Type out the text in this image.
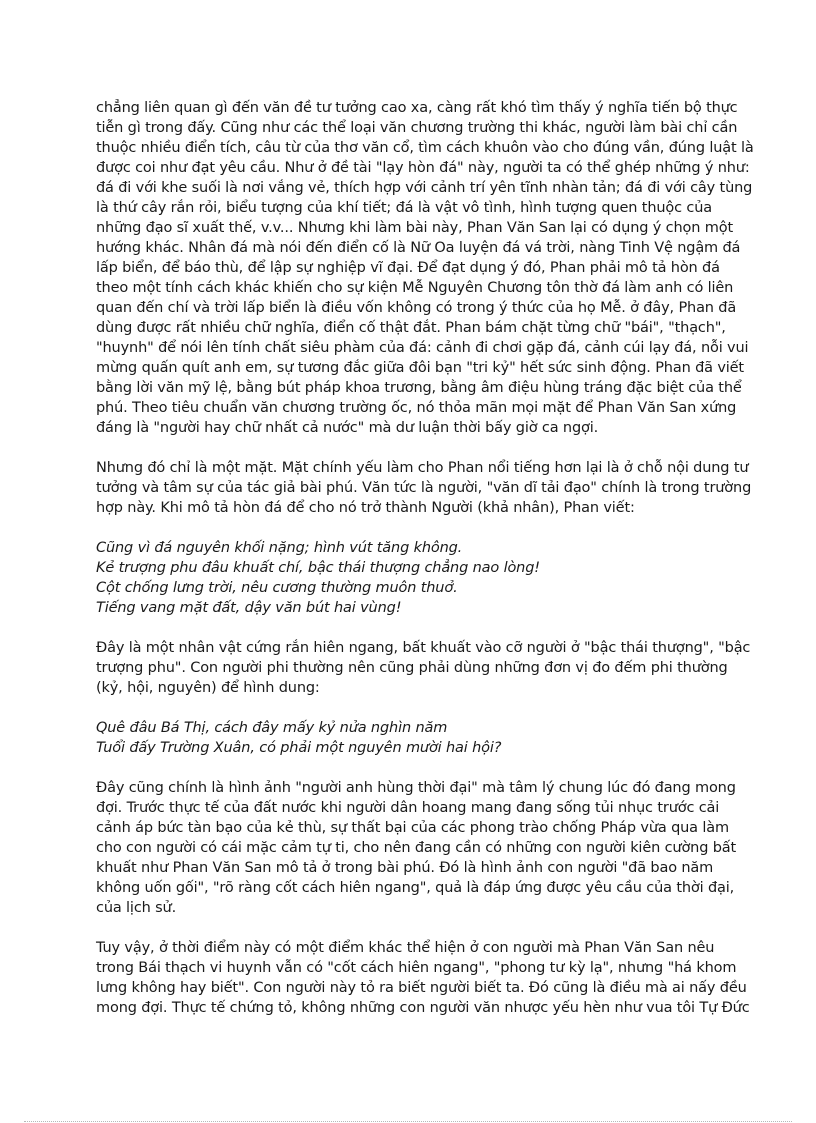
chẳng liên quan gì đến văn đề tư tưởng cao xa, càng rất khó tìm thấy ý nghĩa tiến bộ thực
tiễn gì trong đấy. Cũng như các thể loại văn chương trường thi khác, người làm bài chỉ cần
thuộc nhiều điển tích, câu từ của thơ văn cổ, tìm cách khuôn vào cho đúng vần, đúng luật là
được coi như đạt yêu cầu. Như ở đề tài "lạy hòn đá" này, người ta có thể ghép những ý như:
đá đi với khe suối là nơi vắng vẻ, thích hợp với cảnh trí yên tĩnh nhàn tản; đá đi với cây tùng
là thứ cây rắn rỏi, biểu tượng của khí tiết; đá là vật vô tình, hình tượng quen thuộc của
những đạo sĩ xuất thế, v.v... Nhưng khi làm bài này, Phan Văn San lại có dụng ý chọn một
hướng khác. Nhân đá mà nói đến điển cố là Nữ Oa luyện đá vá trời, nàng Tinh Vệ ngậm đá
lấp biển, để báo thù, để lập sự nghiệp vĩ đại. Để đạt dụng ý đó, Phan phải mô tả hòn đá
theo một tính cách khác khiến cho sự kiện Mễ Nguyên Chương tôn thờ đá làm anh có liên
quan đến chí và trời lấp biển là điều vốn không có trong ý thức của họ Mễ. ở đây, Phan đã
dùng được rất nhiều chữ nghĩa, điển cố thật đắt. Phan bám chặt từng chữ "bái", "thạch",
"huynh" để nói lên tính chất siêu phàm của đá: cảnh đi chơi gặp đá, cảnh cúi lạy đá, nỗi vui
mừng quấn quít anh em, sự tương đắc giữa đôi bạn "tri kỷ" hết sức sinh động. Phan đã viết
bằng lời văn mỹ lệ, bằng bút pháp khoa trương, bằng âm điệu hùng tráng đặc biệt của thể
phú. Theo tiêu chuẩn văn chương trường ốc, nó thỏa mãn mọi mặt để Phan Văn San xứng
đáng là "người hay chữ nhất cả nước" mà dư luận thời bấy giờ ca ngợi.
Nhưng đó chỉ là một mặt. Mặt chính yếu làm cho Phan nổi tiếng hơn lại là ở chỗ nội dung tư
tưởng và tâm sự của tác giả bài phú. Văn tức là người, "văn dĩ tải đạo" chính là trong trường
hợp này. Khi mô tả hòn đá để cho nó trở thành Người (khả nhân), Phan viết:
Cũng vì đá nguyên khối nặng; hình vút tăng không.
Kẻ trượng phu đâu khuất chí, bậc thái thượng chẳng nao lòng!
Cột chống lưng trời, nêu cương thường muôn thuở.
Tiếng vang mặt đất, dậy văn bút hai vùng!
Đây là một nhân vật cứng rắn hiên ngang, bất khuất vào cỡ người ở "bậc thái thượng", "bậc
trượng phu". Con người phi thường nên cũng phải dùng những đơn vị đo đếm phi thường
(kỷ, hội, nguyên) để hình dung:
Quê đâu Bá Thị, cách đây mấy kỷ nửa nghìn năm
Tuổi đấy Trường Xuân, có phải một nguyên mười hai hội?
Đây cũng chính là hình ảnh "người anh hùng thời đại" mà tâm lý chung lúc đó đang mong
đợi. Trước thực tế của đất nước khi người dân hoang mang đang sống tủi nhục trước cải
cảnh áp bức tàn bạo của kẻ thù, sự thất bại của các phong trào chống Pháp vừa qua làm
cho con người có cái mặc cảm tự ti, cho nên đang cần có những con người kiên cường bất
khuất như Phan Văn San mô tả ở trong bài phú. Đó là hình ảnh con người "đã bao năm
không uốn gối", "rõ ràng cốt cách hiên ngang", quả là đáp ứng được yêu cầu của thời đại,
của lịch sử.
Tuy vậy, ở thời điểm này có một điểm khác thể hiện ở con người mà Phan Văn San nêu
trong Bái thạch vi huynh vẫn có "cốt cách hiên ngang", "phong tư kỳ lạ", nhưng "há khom
lưng không hay biết". Con người này tỏ ra biết người biết ta. Đó cũng là điều mà ai nấy đều
mong đợi. Thực tế chứng tỏ, không những con người văn nhược yếu hèn như vua tôi Tự Đức
